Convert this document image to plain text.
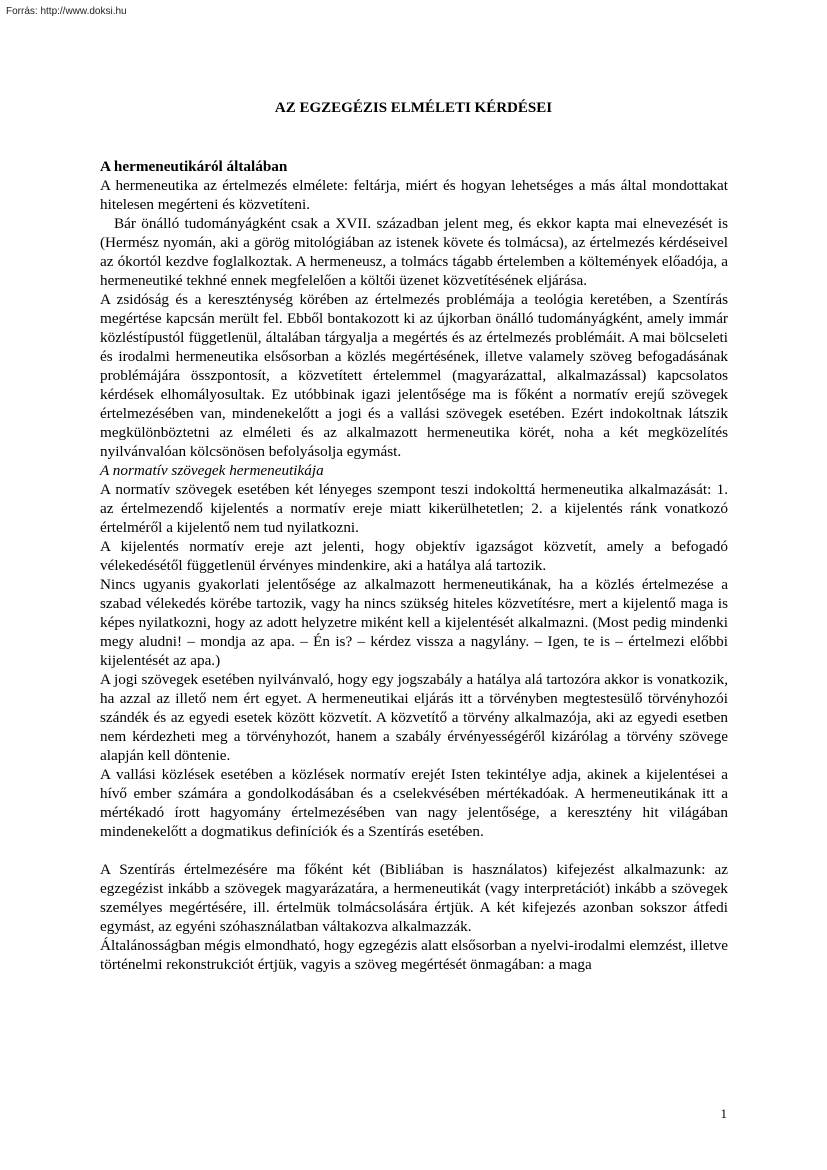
Forrás: http://www.doksi.hu
AZ EGZEGÉZIS ELMÉLETI KÉRDÉSEI
A hermeneutikáról általában

A hermeneutika az értelmezés elmélete: feltárja, miért és hogyan lehetséges a más által mondottakat hitelesen megérteni és közvetíteni.

Bár önálló tudományágként csak a XVII. században jelent meg, és ekkor kapta mai elnevezését is (Hermész nyomán, aki a görög mitológiában az istenek követe és tolmácsa), az értelmezés kérdéseivel az ókortól kezdve foglalkoztak. A hermeneusz, a tolmács tágabb értelemben a költemények előadója, a hermeneutiké tekhné ennek megfelelően a költői üzenet közvetítésének eljárása.

A zsidóság és a kereszténység körében az értelmezés problémája a teológia keretében, a Szentírás megértése kapcsán merült fel. Ebből bontakozott ki az újkorban önálló tudományágként, amely immár közléstípustól függetlenül, általában tárgyalja a megértés és az értelmezés problémáit. A mai bölcseleti és irodalmi hermeneutika elsősorban a közlés megértésének, illetve valamely szöveg befogadásának problémájára összpontosít, a közvetített értelemmel (magyarázattal, alkalmazással) kapcsolatos kérdések elhomályosultak. Ez utóbbinak igazi jelentősége ma is főként a normatív erejű szövegek értelmezésében van, mindenekelőtt a jogi és a vallási szövegek esetében. Ezért indokoltnak látszik megkülönböztetni az elméleti és az alkalmazott hermeneutika körét, noha a két megközelítés nyilvánvalóan kölcsönösen befolyásolja egymást.

A normatív szövegek hermeneutikája

A normatív szövegek esetében két lényeges szempont teszi indokolttá hermeneutika alkalmazását: 1. az értelmezendő kijelentés a normatív ereje miatt kikerülhetetlen; 2. a kijelentés ránk vonatkozó értelméről a kijelentő nem tud nyilatkozni.

A kijelentés normatív ereje azt jelenti, hogy objektív igazságot közvetít, amely a befogadó vélekedésétől függetlenül érvényes mindenkire, aki a hatálya alá tartozik.

Nincs ugyanis gyakorlati jelentősége az alkalmazott hermeneutikának, ha a közlés értelmezése a szabad vélekedés körébe tartozik, vagy ha nincs szükség hiteles közvetítésre, mert a kijelentő maga is képes nyilatkozni, hogy az adott helyzetre miként kell a kijelentését alkalmazni. (Most pedig mindenki megy aludni! – mondja az apa. – Én is? – kérdez vissza a nagylány. – Igen, te is – értelmezi előbbi kijelentését az apa.)

A jogi szövegek esetében nyilvánvaló, hogy egy jogszabály a hatálya alá tartozóra akkor is vonatkozik, ha azzal az illető nem ért egyet. A hermeneutikai eljárás itt a törvényben megtestesülő törvényhozói szándék és az egyedi esetek között közvetít. A közvetítő a törvény alkalmazója, aki az egyedi esetben nem kérdezheti meg a törvényhozót, hanem a szabály érvényességéről kizárólag a törvény szövege alapján kell döntenie.

A vallási közlések esetében a közlések normatív erejét Isten tekintélye adja, akinek a kijelentései a hívő ember számára a gondolkodásában és a cselekvésében mértékadóak. A hermeneutikának itt a mértékadó írott hagyomány értelmezésében van nagy jelentősége, a keresztény hit világában mindenekelőtt a dogmatikus definíciók és a Szentírás esetében.

A Szentírás értelmezésére ma főként két (Bibliában is használatos) kifejezést alkalmazunk: az egzegézist inkább a szövegek magyarázatára, a hermeneutikát (vagy interpretációt) inkább a szövegek személyes megértésére, ill. értelmük tolmácsolására értjük. A két kifejezés azonban sokszor átfedi egymást, az egyéni szóhasználatban váltakozva alkalmazzák.

Általánosságban mégis elmondható, hogy egzegézis alatt elsősorban a nyelvi-irodalmi elemzést, illetve történelmi rekonstrukciót értjük, vagyis a szöveg megértését önmagában: a maga

1
